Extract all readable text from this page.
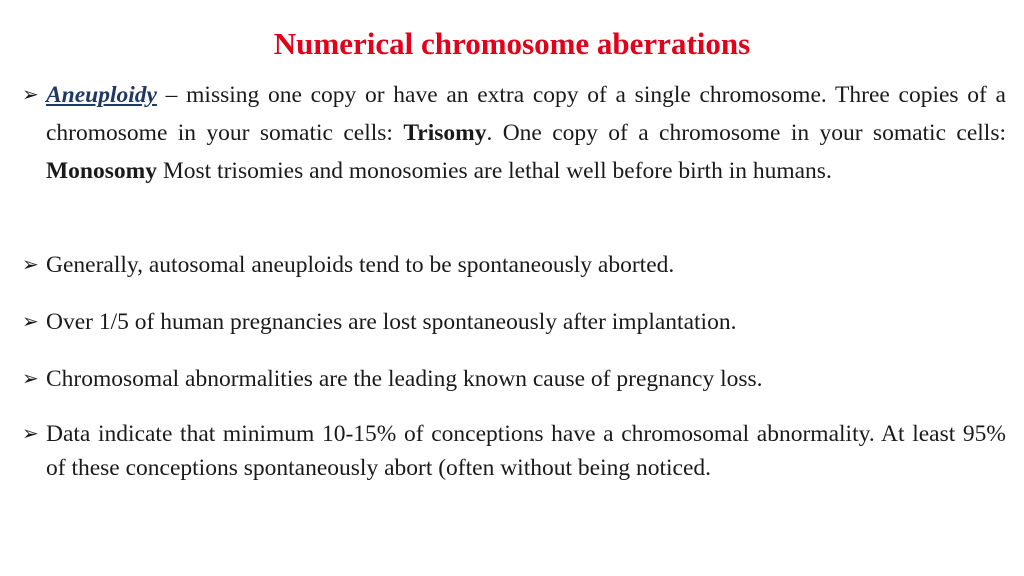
Numerical chromosome aberrations
➢ Aneuploidy – missing one copy or have an extra copy of a single chromosome. Three copies of a chromosome in your somatic cells: Trisomy. One copy of a chromosome in your somatic cells: Monosomy Most trisomies and monosomies are lethal well before birth in humans.
➢ Generally, autosomal aneuploids tend to be spontaneously aborted.
➢ Over 1/5 of human pregnancies are lost spontaneously after implantation.
➢ Chromosomal abnormalities are the leading known cause of pregnancy loss.
➢ Data indicate that minimum 10-15% of conceptions have a chromosomal abnormality. At least 95% of these conceptions spontaneously abort (often without being noticed.
